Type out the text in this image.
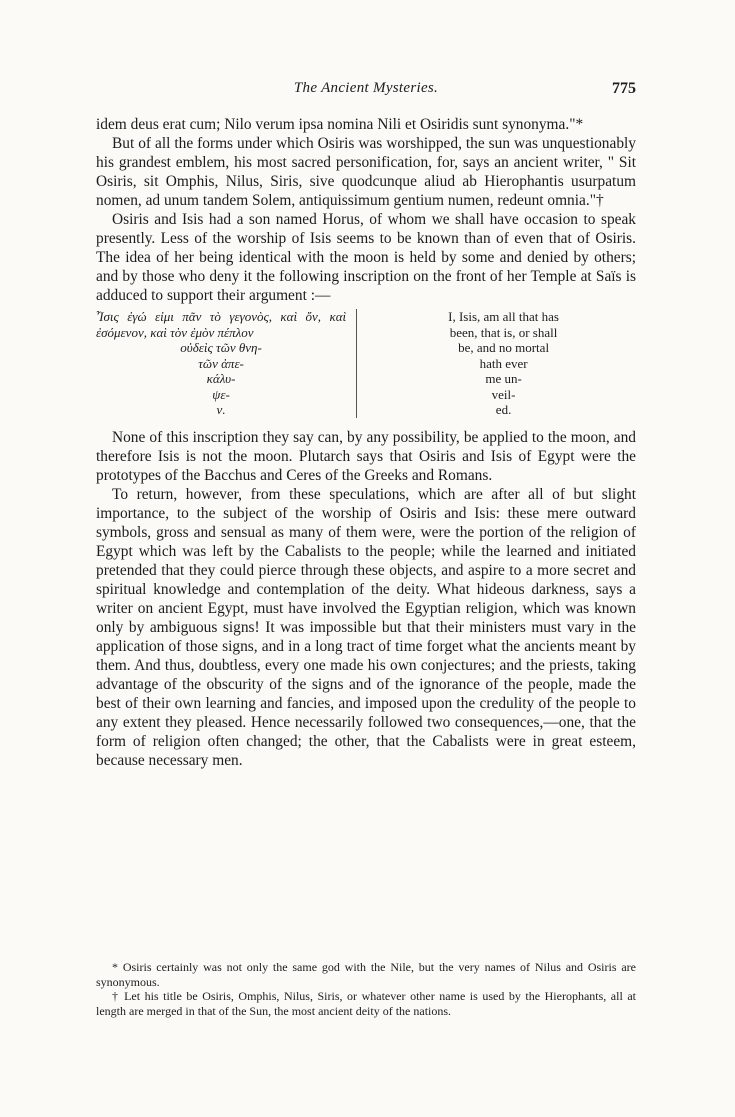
The Ancient Mysteries.	775

idem deus erat cum; Nilo verum ipsa nomina Nili et Osiridis sunt synonyma."*

But of all the forms under which Osiris was worshipped, the sun was unquestionably his grandest emblem, his most sacred personification, for, says an ancient writer, " Sit Osiris, sit Omphis, Nilus, Siris, sive quodcunque aliud ab Hierophantis usurpatum nomen, ad unum tandem Solem, antiquissimum gentium numen, redeunt omnia."†

Osiris and Isis had a son named Horus, of whom we shall have occasion to speak presently. Less of the worship of Isis seems to be known than of even that of Osiris. The idea of her being identical with the moon is held by some and denied by others; and by those who deny it the following inscription on the front of her Temple at Saïs is adduced to support their argument :—

Ἶσις ἐγώ εἰμι πᾶν τὸ γεγονὸς, καὶ ὄν, καὶ ἐσόμενον, καὶ τὸν ἐμὸν πέπλον
οὐδεὶς τῶν θνη-
τῶν ἀπε-
κάλυ-
ψε-
ν.
I, Isis, am all that has
been, that is, or shall
be, and no mortal
hath ever
me un-
veil-
ed.

None of this inscription they say can, by any possibility, be applied to the moon, and therefore Isis is not the moon. Plutarch says that Osiris and Isis of Egypt were the prototypes of the Bacchus and Ceres of the Greeks and Romans.

To return, however, from these speculations, which are after all of but slight importance, to the subject of the worship of Osiris and Isis: these mere outward symbols, gross and sensual as many of them were, were the portion of the religion of Egypt which was left by the Cabalists to the people; while the learned and initiated pretended that they could pierce through these objects, and aspire to a more secret and spiritual knowledge and contemplation of the deity. What hideous darkness, says a writer on ancient Egypt, must have involved the Egyptian religion, which was known only by ambiguous signs! It was impossible but that their ministers must vary in the application of those signs, and in a long tract of time forget what the ancients meant by them. And thus, doubtless, every one made his own conjectures; and the priests, taking advantage of the obscurity of the signs and of the ignorance of the people, made the best of their own learning and fancies, and imposed upon the credulity of the people to any extent they pleased. Hence necessarily followed two consequences,—one, that the form of religion often changed; the other, that the Cabalists were in great esteem, because necessary men.

* Osiris certainly was not only the same god with the Nile, but the very names of Nilus and Osiris are synonymous.

† Let his title be Osiris, Omphis, Nilus, Siris, or whatever other name is used by the Hierophants, all at length are merged in that of the Sun, the most ancient deity of the nations.
